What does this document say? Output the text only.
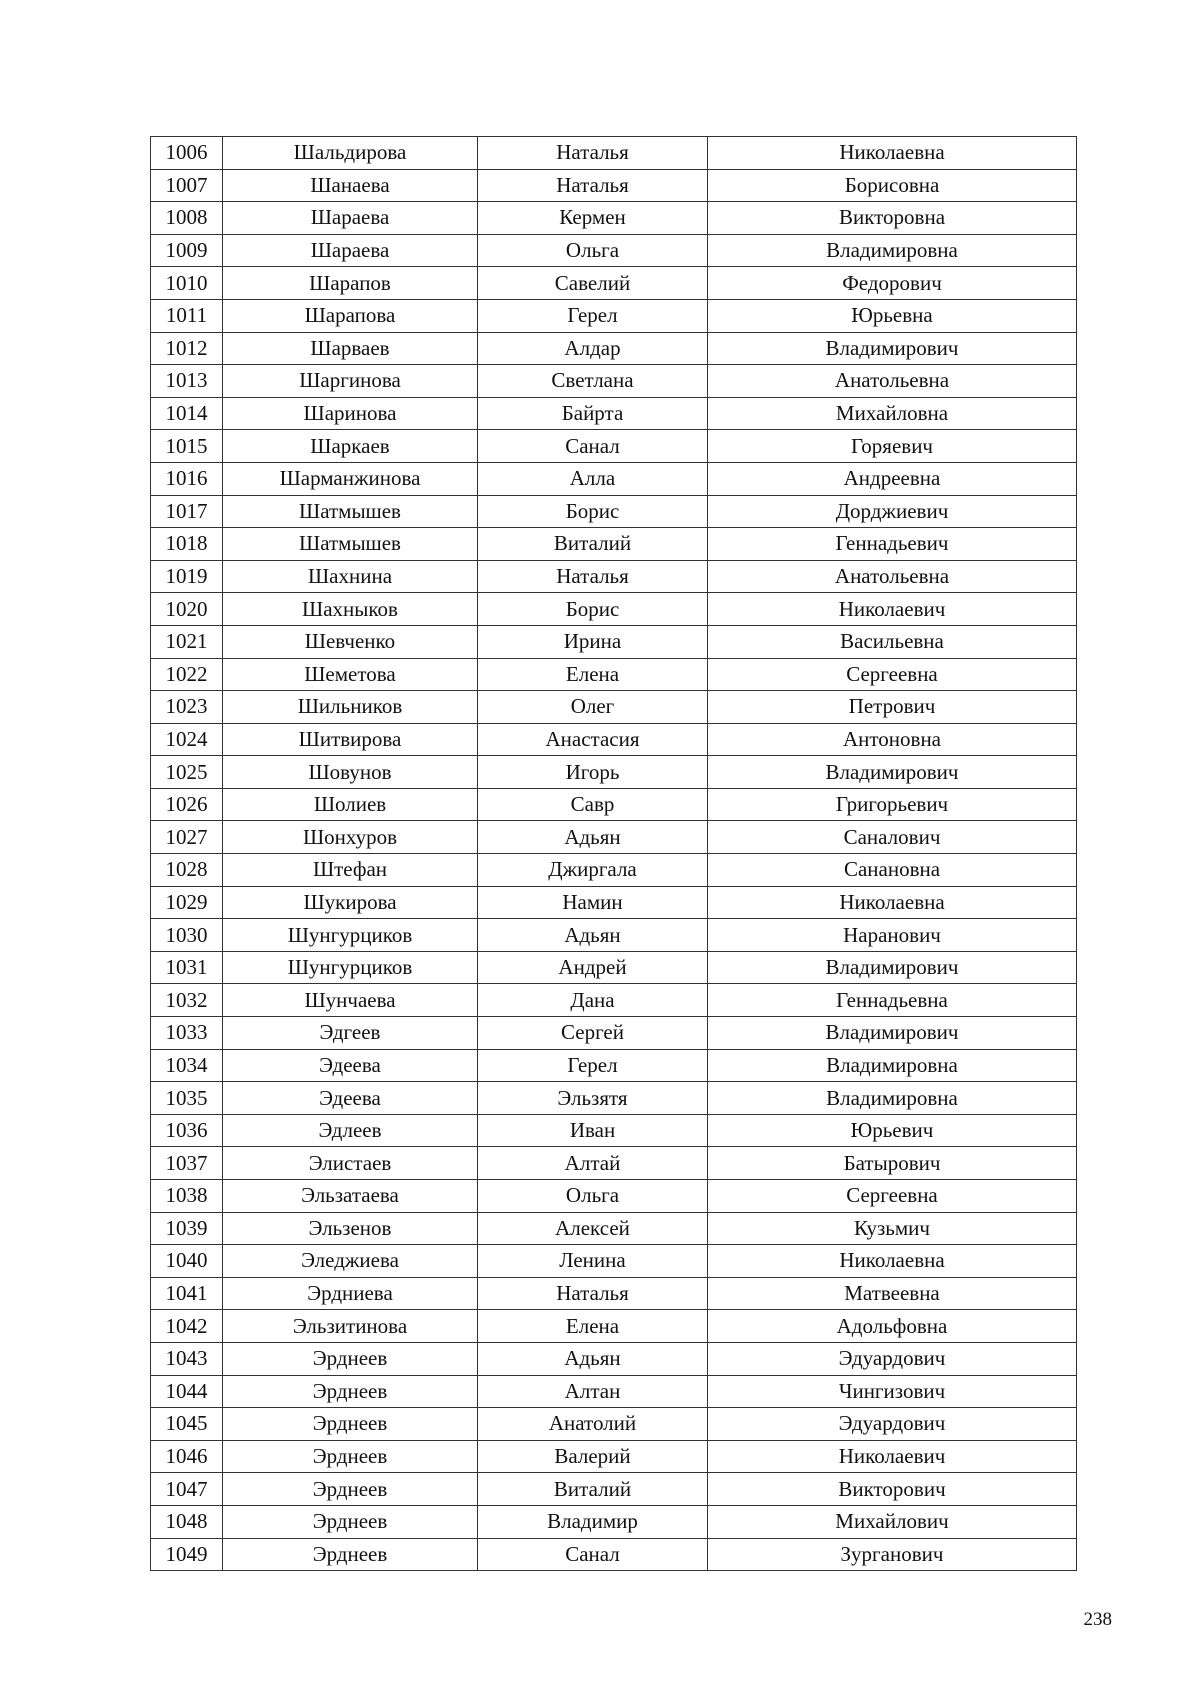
1006	Шальдирова	Наталья	Николаевна
1007	Шанаева	Наталья	Борисовна
1008	Шараева	Кермен	Викторовна
1009	Шараева	Ольга	Владимировна
1010	Шарапов	Савелий	Федорович
1011	Шарапова	Герел	Юрьевна
1012	Шарваев	Алдар	Владимирович
1013	Шаргинова	Светлана	Анатольевна
1014	Шаринова	Байрта	Михайловна
1015	Шаркаев	Санал	Горяевич
1016	Шарманжинова	Алла	Андреевна
1017	Шатмышев	Борис	Дорджиевич
1018	Шатмышев	Виталий	Геннадьевич
1019	Шахнина	Наталья	Анатольевна
1020	Шахныков	Борис	Николаевич
1021	Шевченко	Ирина	Васильевна
1022	Шеметова	Елена	Сергеевна
1023	Шильников	Олег	Петрович
1024	Шитвирова	Анастасия	Антоновна
1025	Шовунов	Игорь	Владимирович
1026	Шолиев	Савр	Григорьевич
1027	Шонхуров	Адьян	Саналович
1028	Штефан	Джиргала	Санановна
1029	Шукирова	Намин	Николаевна
1030	Шунгурциков	Адьян	Наранович
1031	Шунгурциков	Андрей	Владимирович
1032	Шунчаева	Дана	Геннадьевна
1033	Эдгеев	Сергей	Владимирович
1034	Эдеева	Герел	Владимировна
1035	Эдеева	Эльзятя	Владимировна
1036	Эдлеев	Иван	Юрьевич
1037	Элистаев	Алтай	Батырович
1038	Эльзатаева	Ольга	Сергеевна
1039	Эльзенов	Алексей	Кузьмич
1040	Эледжиева	Ленина	Николаевна
1041	Эрдниева	Наталья	Матвеевна
1042	Эльзитинова	Елена	Адольфовна
1043	Эрднеев	Адьян	Эдуардович
1044	Эрднеев	Алтан	Чингизович
1045	Эрднеев	Анатолий	Эдуардович
1046	Эрднеев	Валерий	Николаевич
1047	Эрднеев	Виталий	Викторович
1048	Эрднеев	Владимир	Михайлович
1049	Эрднеев	Санал	Зурганович
238
